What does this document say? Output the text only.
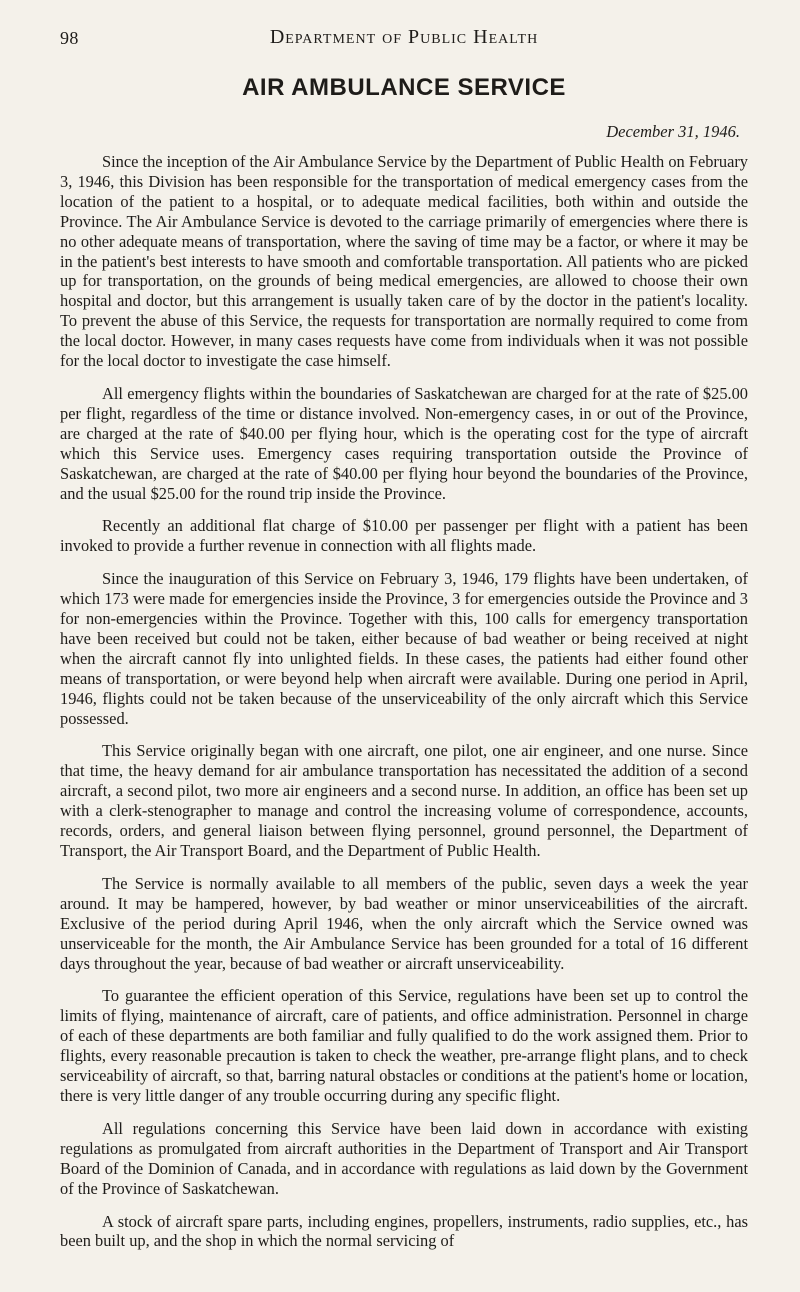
98	Department of Public Health
AIR AMBULANCE SERVICE
December 31, 1946.

Since the inception of the Air Ambulance Service by the Department of Public Health on February 3, 1946, this Division has been responsible for the transportation of medical emergency cases from the location of the patient to a hospital, or to adequate medical facilities, both within and outside the Province. The Air Ambulance Service is devoted to the carriage primarily of emergencies where there is no other adequate means of transportation, where the saving of time may be a factor, or where it may be in the patient's best interests to have smooth and comfortable transportation. All patients who are picked up for transportation, on the grounds of being medical emergencies, are allowed to choose their own hospital and doctor, but this arrangement is usually taken care of by the doctor in the patient's locality. To prevent the abuse of this Service, the requests for transportation are normally required to come from the local doctor. However, in many cases requests have come from individuals when it was not possible for the local doctor to investigate the case himself.

All emergency flights within the boundaries of Saskatchewan are charged for at the rate of $25.00 per flight, regardless of the time or distance involved. Non-emergency cases, in or out of the Province, are charged at the rate of $40.00 per flying hour, which is the operating cost for the type of aircraft which this Service uses. Emergency cases requiring transportation outside the Province of Saskatchewan, are charged at the rate of $40.00 per flying hour beyond the boundaries of the Province, and the usual $25.00 for the round trip inside the Province.

Recently an additional flat charge of $10.00 per passenger per flight with a patient has been invoked to provide a further revenue in connection with all flights made.

Since the inauguration of this Service on February 3, 1946, 179 flights have been undertaken, of which 173 were made for emergencies inside the Province, 3 for emergencies outside the Province and 3 for non-emergencies within the Province. Together with this, 100 calls for emergency transportation have been received but could not be taken, either because of bad weather or being received at night when the aircraft cannot fly into unlighted fields. In these cases, the patients had either found other means of transportation, or were beyond help when aircraft were available. During one period in April, 1946, flights could not be taken because of the unserviceability of the only aircraft which this Service possessed.

This Service originally began with one aircraft, one pilot, one air engineer, and one nurse. Since that time, the heavy demand for air ambulance transportation has necessitated the addition of a second aircraft, a second pilot, two more air engineers and a second nurse. In addition, an office has been set up with a clerk-stenographer to manage and control the increasing volume of correspondence, accounts, records, orders, and general liaison between flying personnel, ground personnel, the Department of Transport, the Air Transport Board, and the Department of Public Health.

The Service is normally available to all members of the public, seven days a week the year around. It may be hampered, however, by bad weather or minor unserviceabilities of the aircraft. Exclusive of the period during April 1946, when the only aircraft which the Service owned was unserviceable for the month, the Air Ambulance Service has been grounded for a total of 16 different days throughout the year, because of bad weather or aircraft unserviceability.

To guarantee the efficient operation of this Service, regulations have been set up to control the limits of flying, maintenance of aircraft, care of patients, and office administration. Personnel in charge of each of these departments are both familiar and fully qualified to do the work assigned them. Prior to flights, every reasonable precaution is taken to check the weather, pre-arrange flight plans, and to check serviceability of aircraft, so that, barring natural obstacles or conditions at the patient's home or location, there is very little danger of any trouble occurring during any specific flight.

All regulations concerning this Service have been laid down in accordance with existing regulations as promulgated from aircraft authorities in the Department of Transport and Air Transport Board of the Dominion of Canada, and in accordance with regulations as laid down by the Government of the Province of Saskatchewan.

A stock of aircraft spare parts, including engines, propellers, instruments, radio supplies, etc., has been built up, and the shop in which the normal servicing of
